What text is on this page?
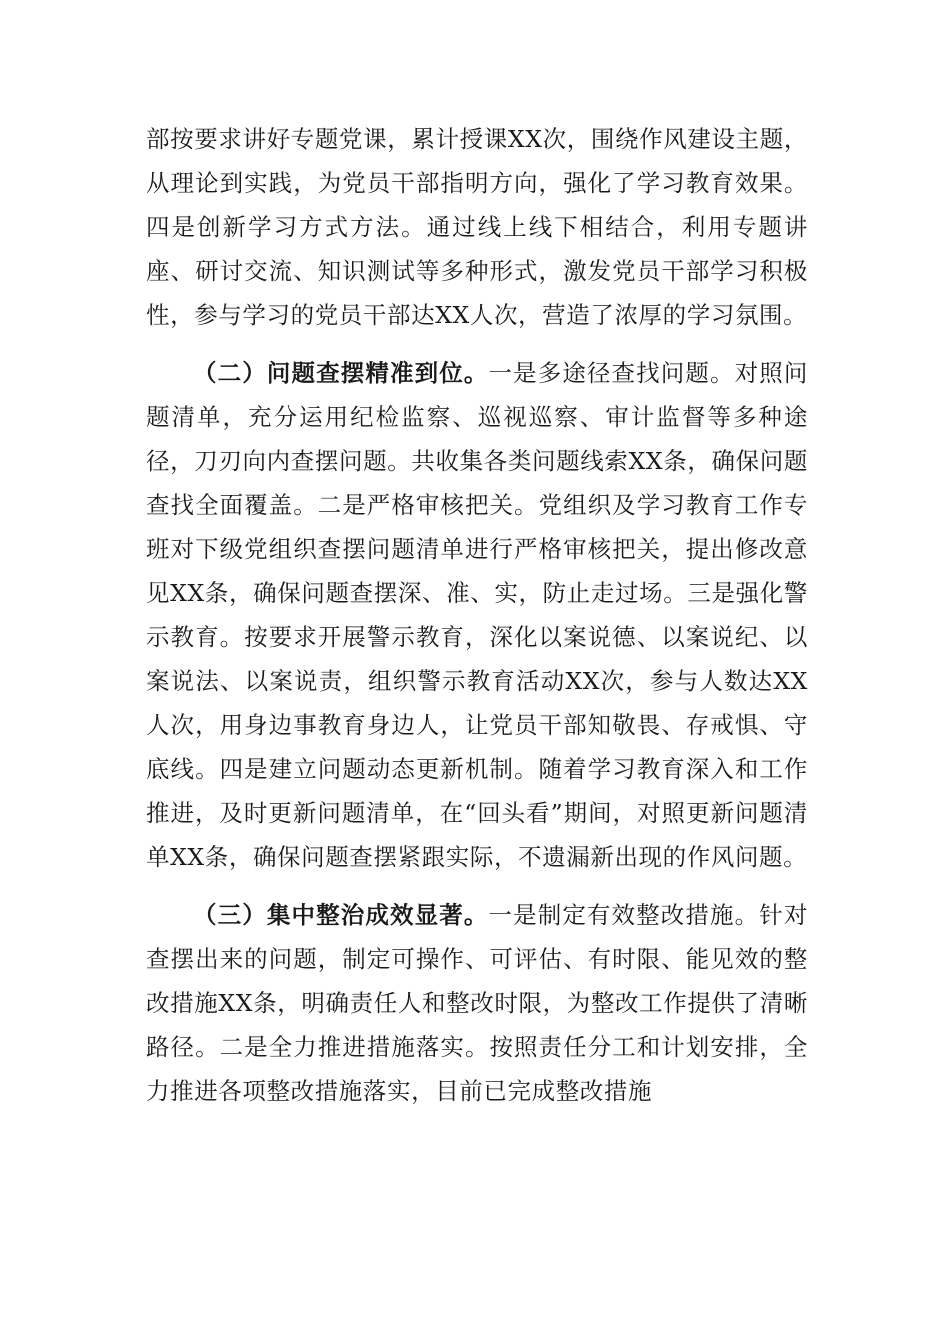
部按要求讲好专题党课，累计授课XX次，围绕作风建设主题，从理论到实践，为党员干部指明方向，强化了学习教育效果。四是创新学习方式方法。通过线上线下相结合，利用专题讲座、研讨交流、知识测试等多种形式，激发党员干部学习积极性，参与学习的党员干部达XX人次，营造了浓厚的学习氛围。

（二）问题查摆精准到位。一是多途径查找问题。对照问题清单，充分运用纪检监察、巡视巡察、审计监督等多种途径，刀刃向内查摆问题。共收集各类问题线索XX条，确保问题查找全面覆盖。二是严格审核把关。党组织及学习教育工作专班对下级党组织查摆问题清单进行严格审核把关，提出修改意见XX条，确保问题查摆深、准、实，防止走过场。三是强化警示教育。按要求开展警示教育，深化以案说德、以案说纪、以案说法、以案说责，组织警示教育活动XX次，参与人数达XX人次，用身边事教育身边人，让党员干部知敬畏、存戒惧、守底线。四是建立问题动态更新机制。随着学习教育深入和工作推进，及时更新问题清单，在“回头看”期间，对照更新问题清单XX条，确保问题查摆紧跟实际，不遗漏新出现的作风问题。

（三）集中整治成效显著。一是制定有效整改措施。针对查摆出来的问题，制定可操作、可评估、有时限、能见效的整改措施XX条，明确责任人和整改时限，为整改工作提供了清晰路径。二是全力推进措施落实。按照责任分工和计划安排，全力推进各项整改措施落实，目前已完成整改措施
